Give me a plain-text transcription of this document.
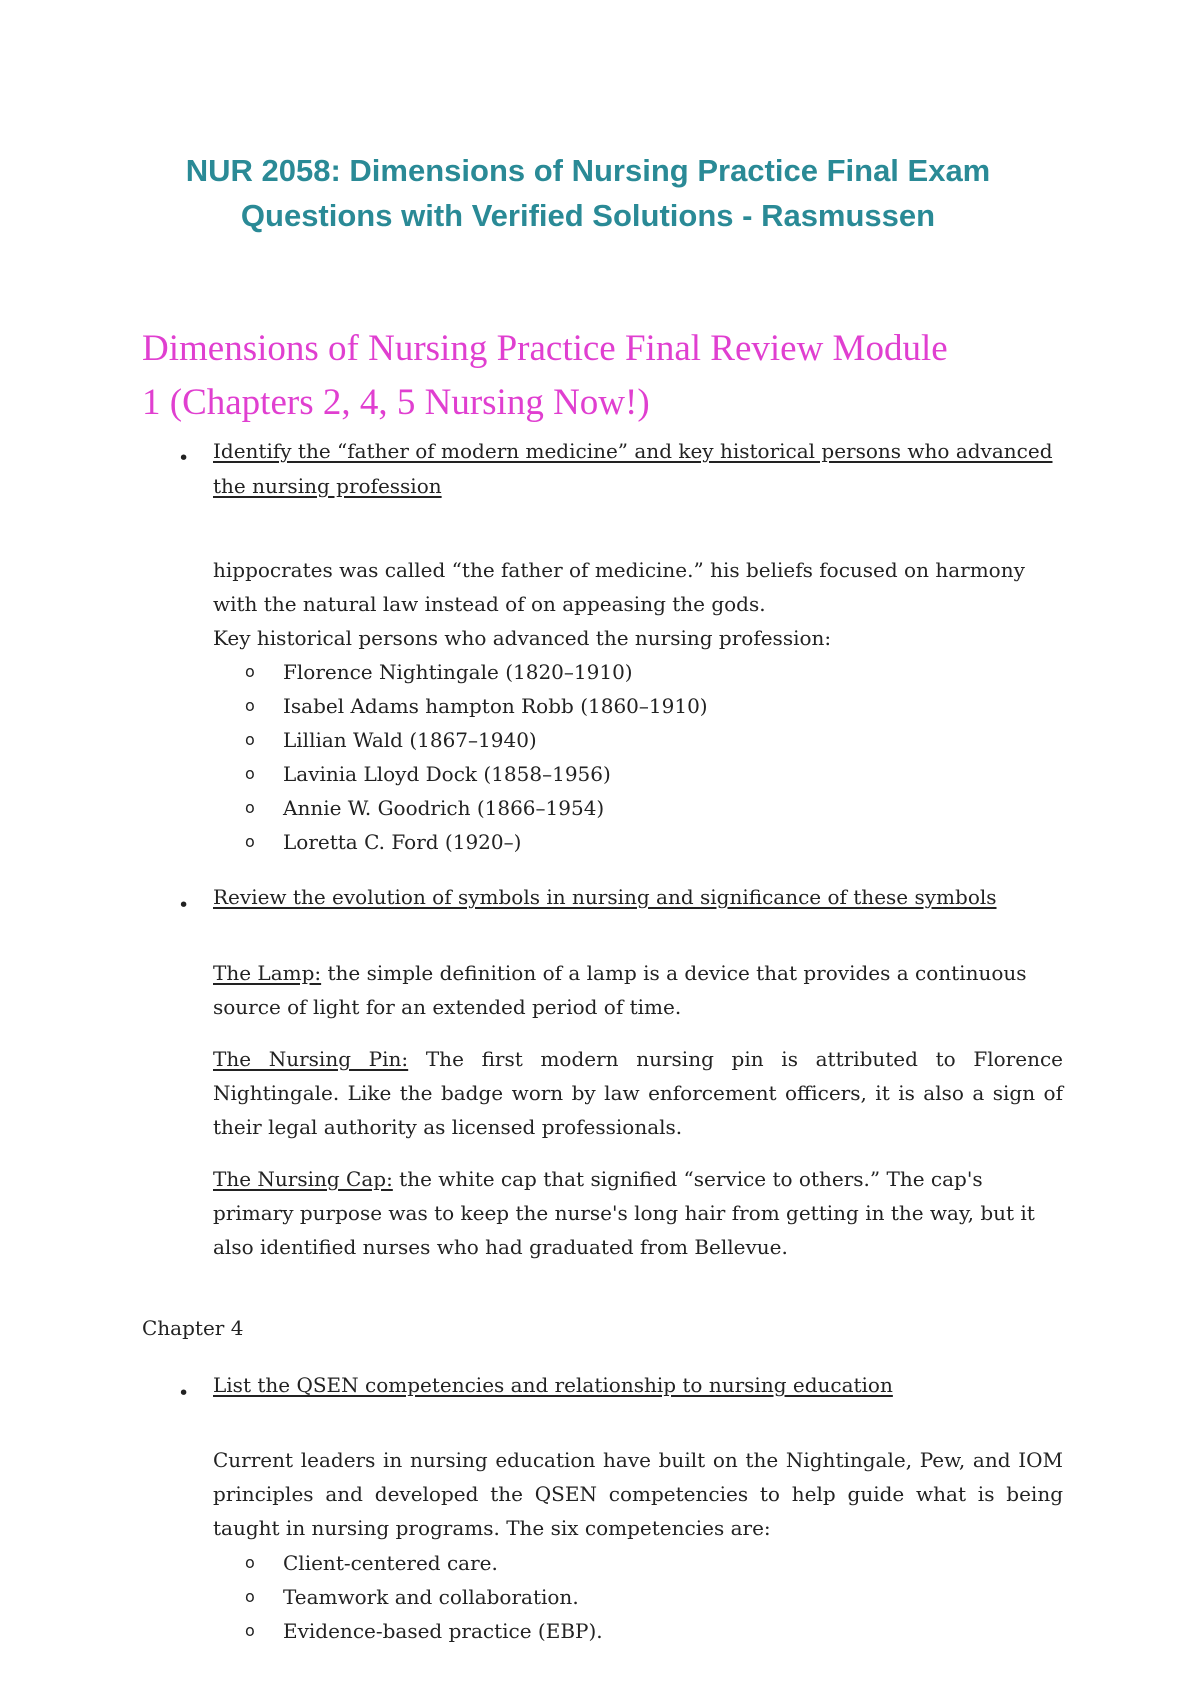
NUR 2058: Dimensions of Nursing Practice Final Exam
Questions with Verified Solutions - Rasmussen
Dimensions of Nursing Practice Final Review Module
1 (Chapters 2, 4, 5 Nursing Now!)
• Identify the “father of modern medicine” and key historical persons who advanced
the nursing profession

hippocrates was called “the father of medicine.” his beliefs focused on harmony with the natural law instead of on appeasing the gods.

Key historical persons who advanced the nursing profession:

o Florence Nightingale (1820–1910)
o Isabel Adams hampton Robb (1860–1910)
o Lillian Wald (1867–1940)
o Lavinia Lloyd Dock (1858–1956)
o Annie W. Goodrich (1866–1954)
o Loretta C. Ford (1920–)
• Review the evolution of symbols in nursing and significance of these symbols

The Lamp: the simple definition of a lamp is a device that provides a continuous source of light for an extended period of time.

The Nursing Pin: The first modern nursing pin is attributed to Florence Nightingale. Like the badge worn by law enforcement officers, it is also a sign of their legal authority as licensed professionals.

The Nursing Cap: the white cap that signified “service to others.” The cap's primary purpose was to keep the nurse's long hair from getting in the way, but it also identified nurses who had graduated from Bellevue.

Chapter 4
• List the QSEN competencies and relationship to nursing education

Current leaders in nursing education have built on the Nightingale, Pew, and IOM principles and developed the QSEN competencies to help guide what is being taught in nursing programs. The six competencies are:

o Client-centered care.
o Teamwork and collaboration.
o Evidence-based practice (EBP).
